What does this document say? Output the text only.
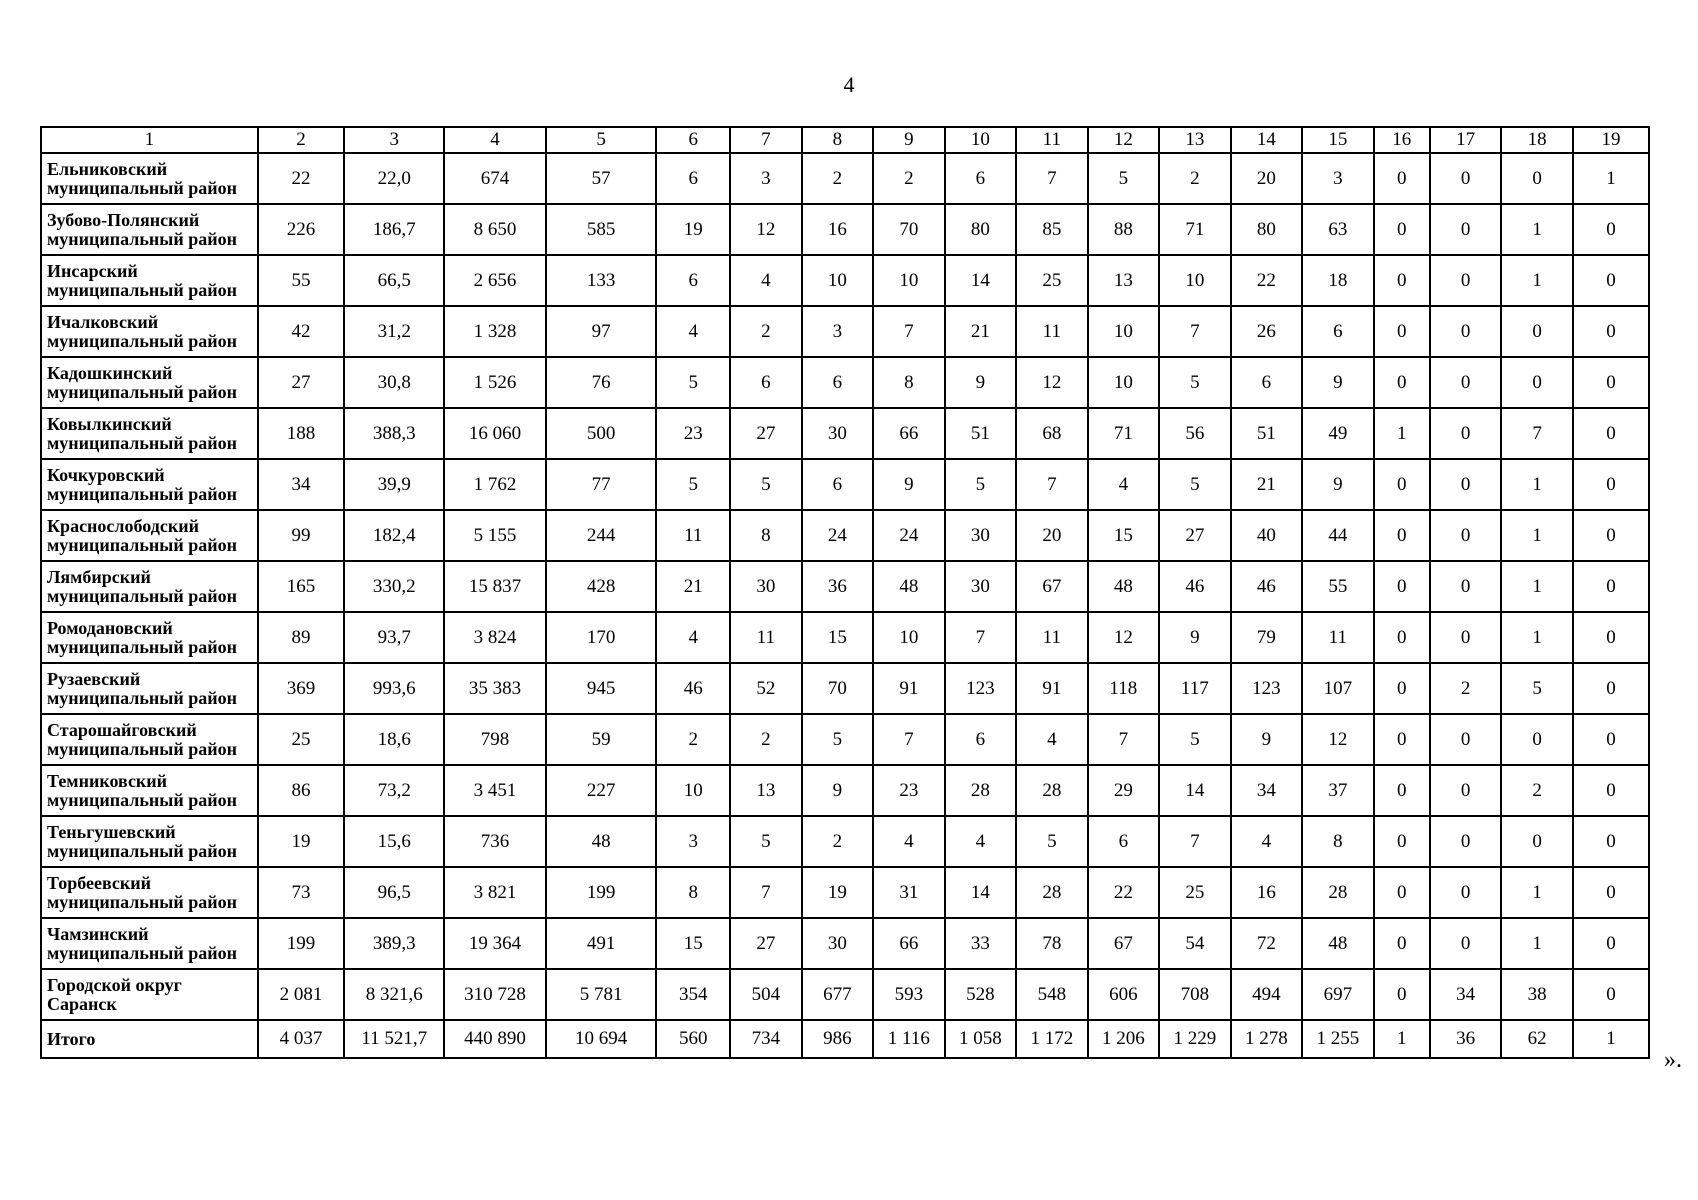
4
1	2	3	4	5	6	7	8	9	10	11	12	13	14	15	16	17	18	19

Ельниковский
муниципальный район	22	22,0	674	57	6	3	2	2	6	7	5	2	20	3	0	0	0	1

Зубово-Полянский
муниципальный район	226	186,7	8 650	585	19	12	16	70	80	85	88	71	80	63	0	0	1	0

Инсарский
муниципальный район	55	66,5	2 656	133	6	4	10	10	14	25	13	10	22	18	0	0	1	0

Ичалковский
муниципальный район	42	31,2	1 328	97	4	2	3	7	21	11	10	7	26	6	0	0	0	0

Кадошкинский
муниципальный район	27	30,8	1 526	76	5	6	6	8	9	12	10	5	6	9	0	0	0	0

Ковылкинский
муниципальный район	188	388,3	16 060	500	23	27	30	66	51	68	71	56	51	49	1	0	7	0

Кочкуровский
муниципальный район	34	39,9	1 762	77	5	5	6	9	5	7	4	5	21	9	0	0	1	0

Краснослободский
муниципальный район	99	182,4	5 155	244	11	8	24	24	30	20	15	27	40	44	0	0	1	0

Лямбирский
муниципальный район	165	330,2	15 837	428	21	30	36	48	30	67	48	46	46	55	0	0	1	0

Ромодановский
муниципальный район	89	93,7	3 824	170	4	11	15	10	7	11	12	9	79	11	0	0	1	0

Рузаевский
муниципальный район	369	993,6	35 383	945	46	52	70	91	123	91	118	117	123	107	0	2	5	0

Старошайговский
муниципальный район	25	18,6	798	59	2	2	5	7	6	4	7	5	9	12	0	0	0	0

Темниковский
муниципальный район	86	73,2	3 451	227	10	13	9	23	28	28	29	14	34	37	0	0	2	0

Теньгушевский
муниципальный район	19	15,6	736	48	3	5	2	4	4	5	6	7	4	8	0	0	0	0

Торбеевский
муниципальный район	73	96,5	3 821	199	8	7	19	31	14	28	22	25	16	28	0	0	1	0

Чамзинский
муниципальный район	199	389,3	19 364	491	15	27	30	66	33	78	67	54	72	48	0	0	1	0

Городской округ
Саранск	2 081	8 321,6	310 728	5 781	354	504	677	593	528	548	606	708	494	697	0	34	38	0
Итого	4 037	11 521,7	440 890	10 694	560	734	986	1 116	1 058	1 172	1 206	1 229	1 278	1 255	1	36	62	1
».
